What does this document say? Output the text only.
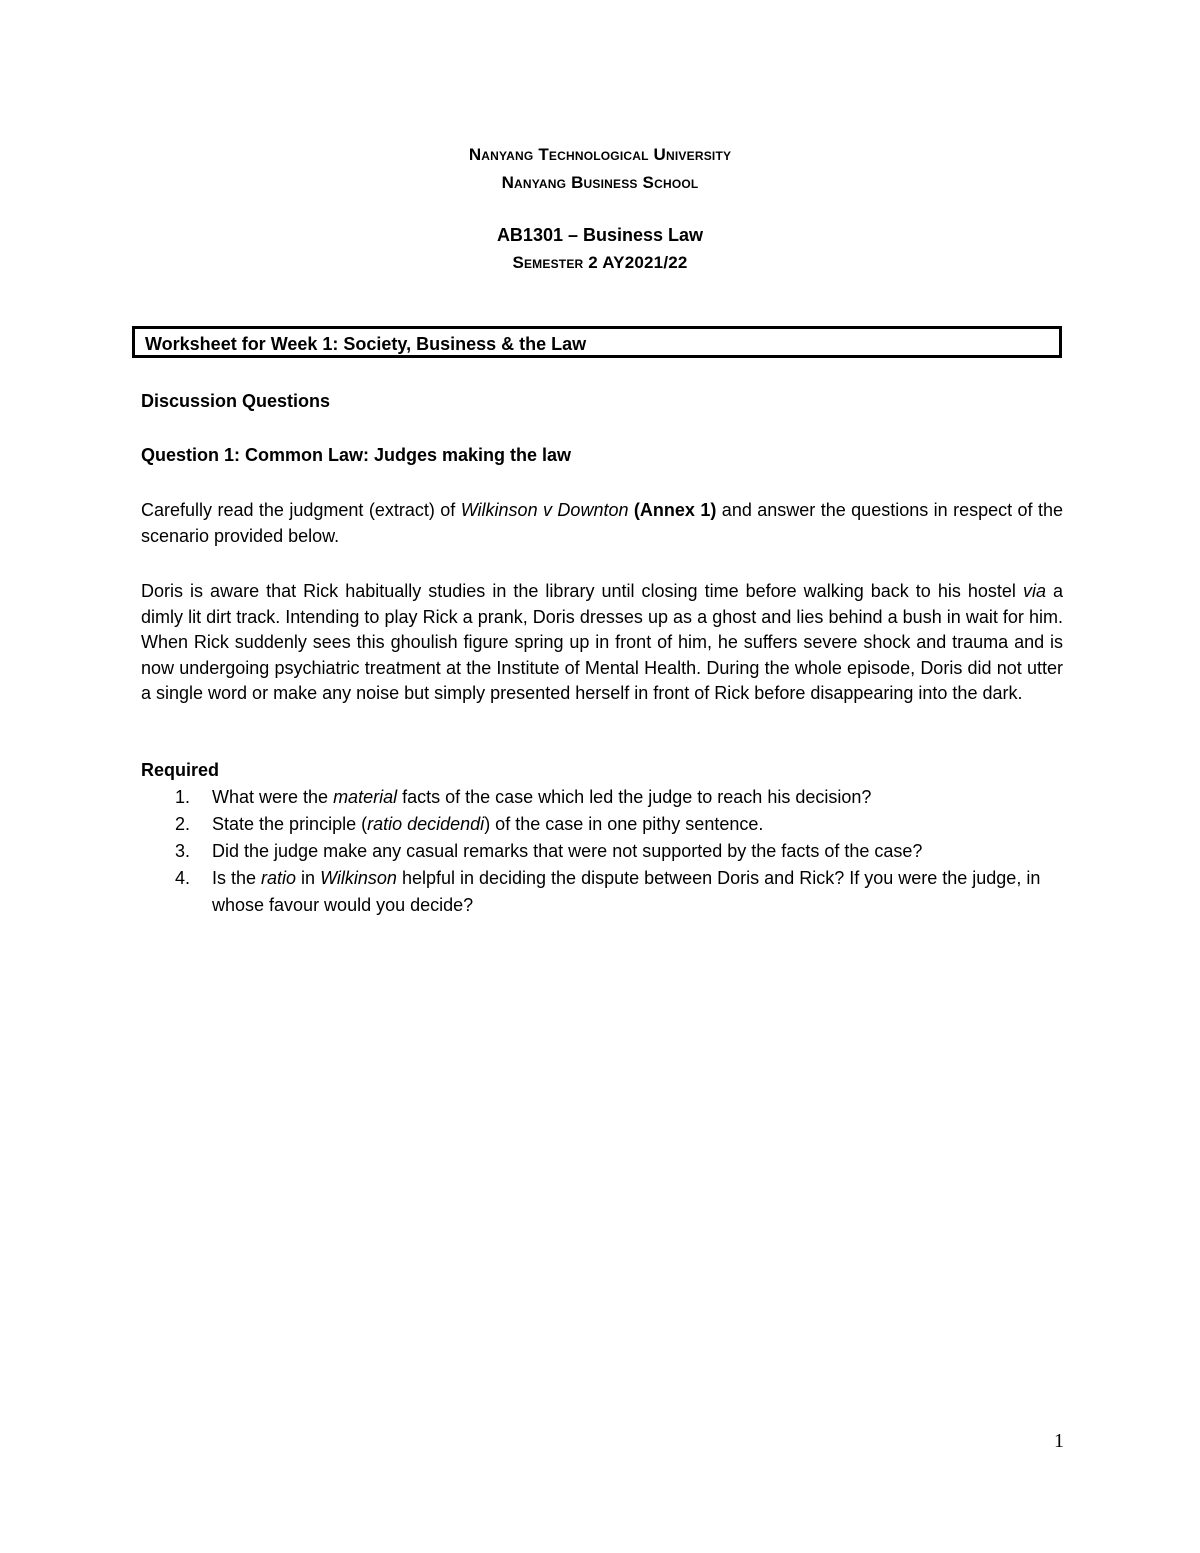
Nanyang Technological University
Nanyang Business School
AB1301 – Business Law
Semester 2 AY2021/22
Worksheet for Week 1: Society, Business & the Law
Discussion Questions
Question 1: Common Law: Judges making the law
Carefully read the judgment (extract) of Wilkinson v Downton (Annex 1) and answer the questions in respect of the scenario provided below.
Doris is aware that Rick habitually studies in the library until closing time before walking back to his hostel via a dimly lit dirt track. Intending to play Rick a prank, Doris dresses up as a ghost and lies behind a bush in wait for him. When Rick suddenly sees this ghoulish figure spring up in front of him, he suffers severe shock and trauma and is now undergoing psychiatric treatment at the Institute of Mental Health. During the whole episode, Doris did not utter a single word or make any noise but simply presented herself in front of Rick before disappearing into the dark.
Required
1. What were the material facts of the case which led the judge to reach his decision?
2. State the principle (ratio decidendi) of the case in one pithy sentence.
3. Did the judge make any casual remarks that were not supported by the facts of the case?
4. Is the ratio in Wilkinson helpful in deciding the dispute between Doris and Rick? If you were the judge, in whose favour would you decide?
1
